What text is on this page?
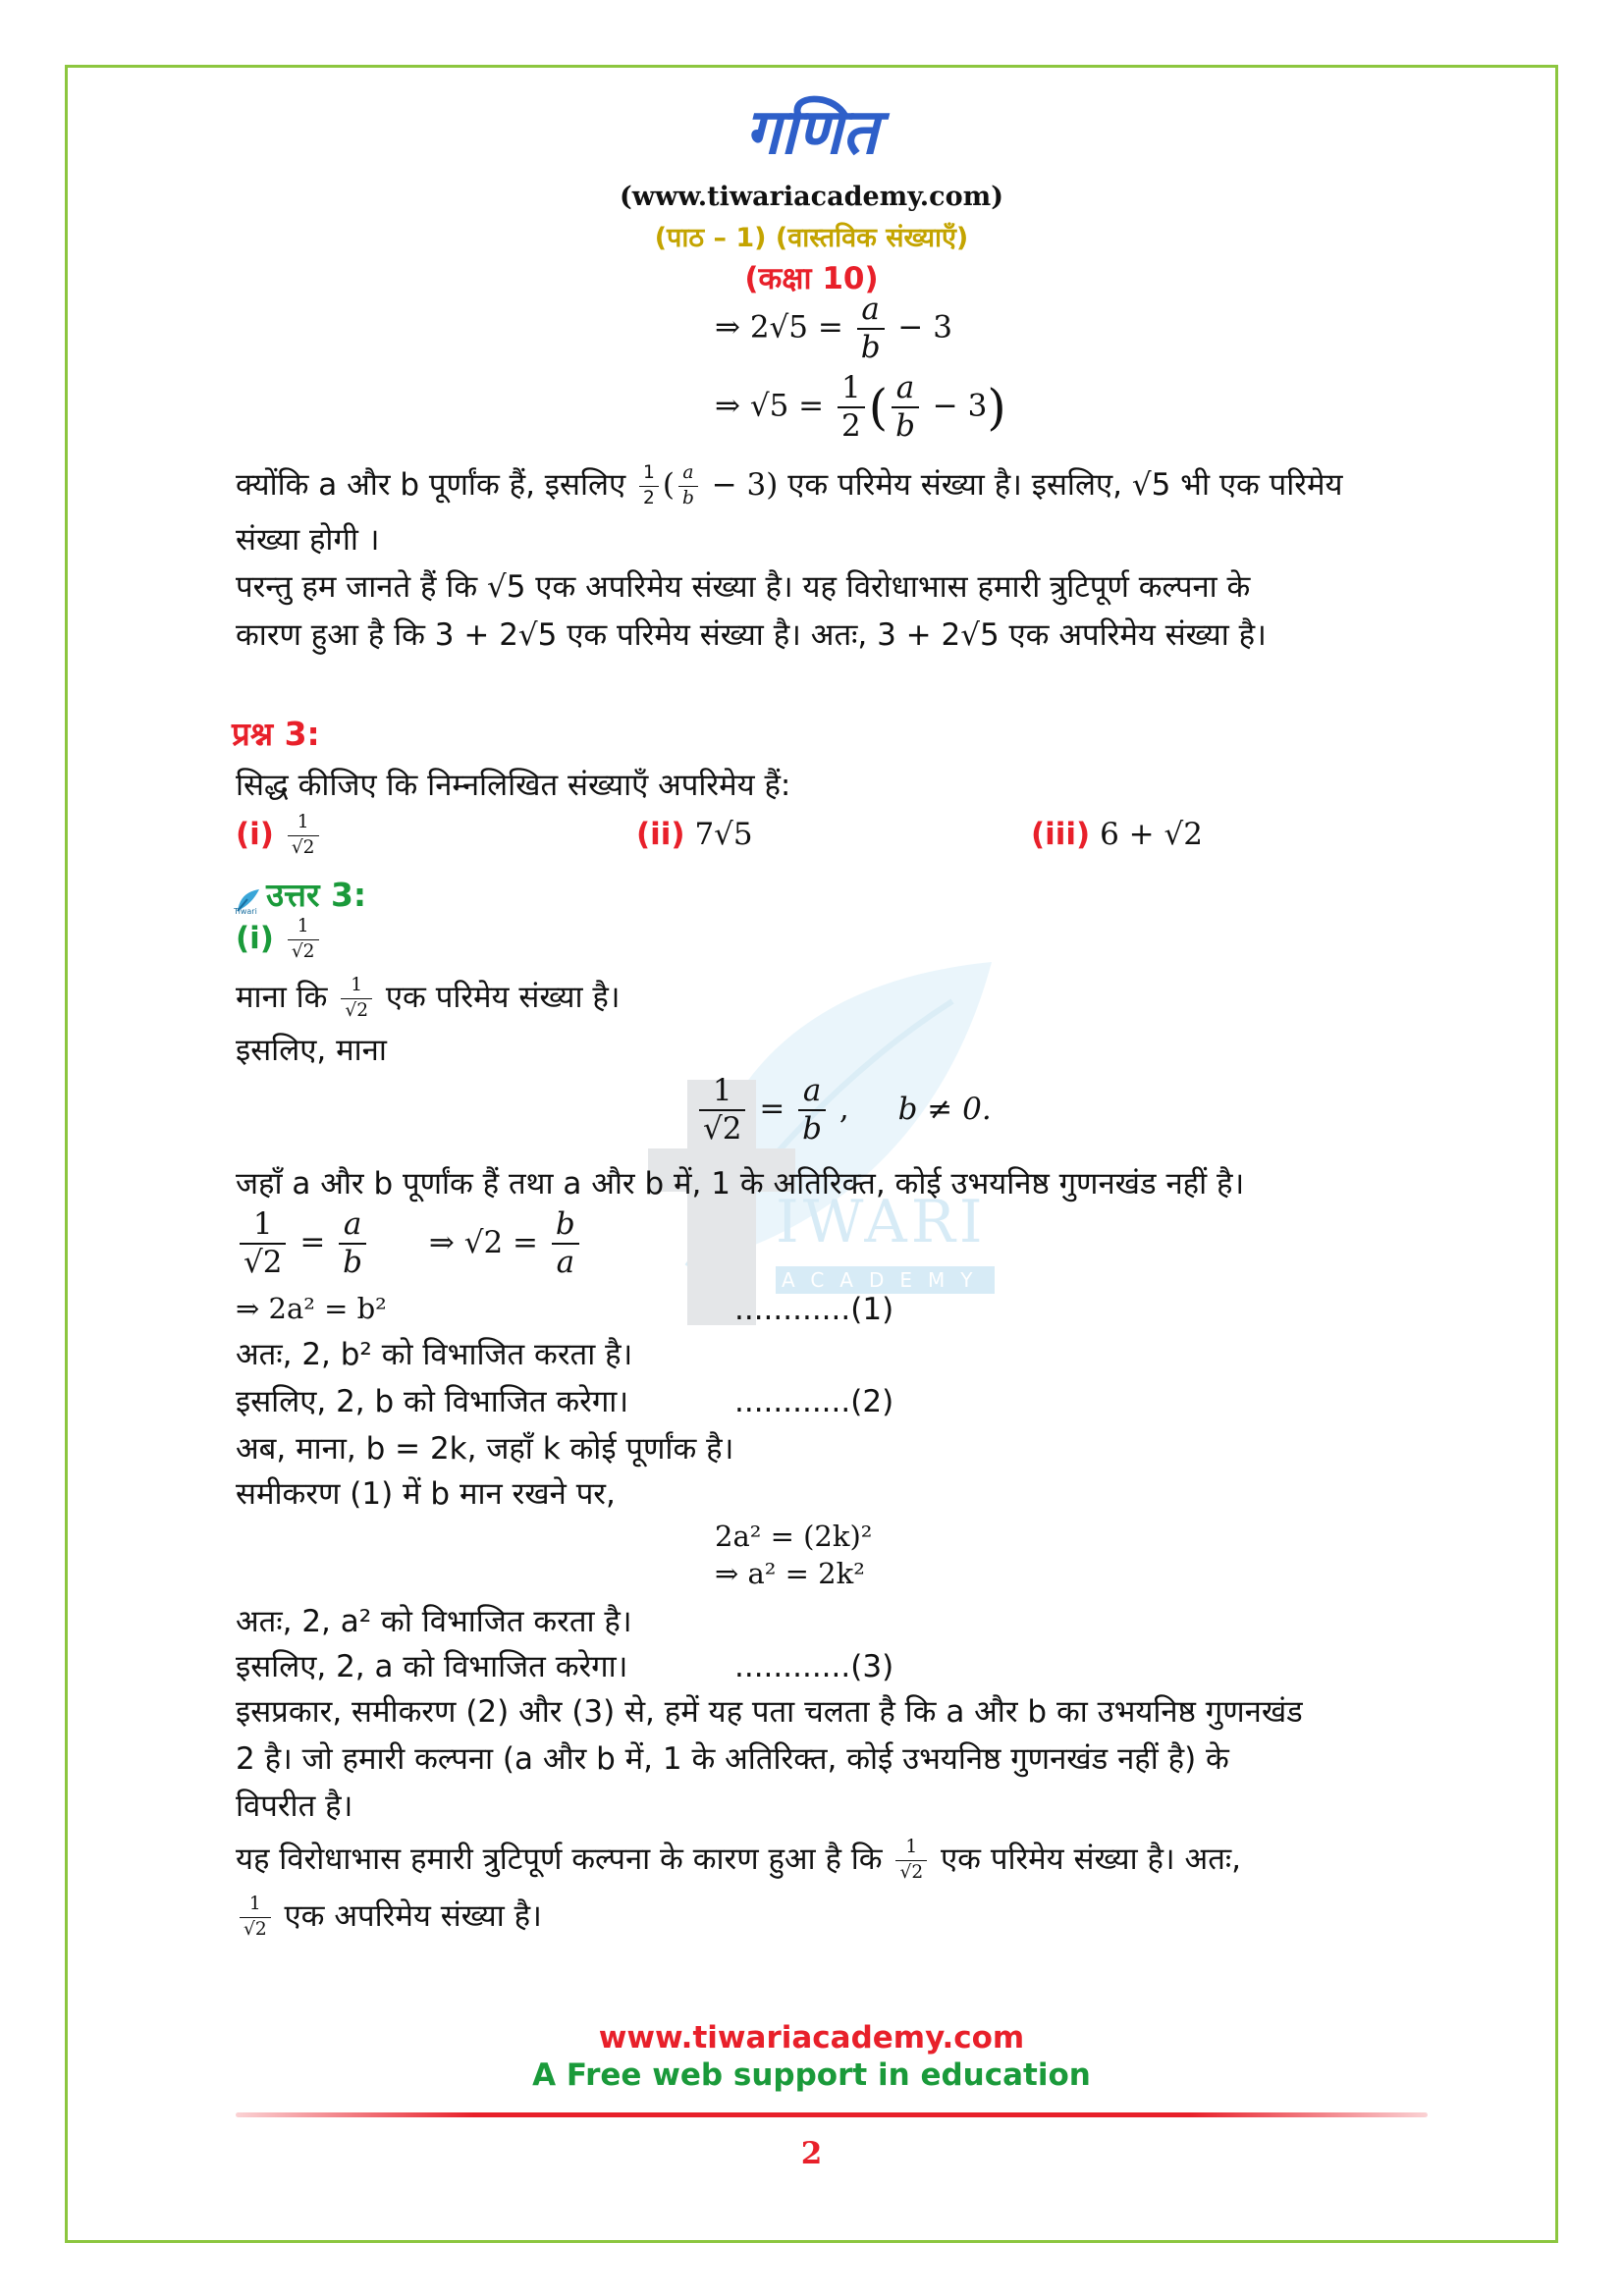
गणित
(www.tiwariacademy.com)
(पाठ – 1) (वास्तविक संख्याएँ)
(कक्षा 10)
⇒ $2√5 = \frac{a}{b} - 3$
⇒ $√5 = \frac{1}{2}$ ( $\frac{a}{b} - 3$)
क्योंकि a और b पूर्णांक हैं, इसलिए $\frac{1}{2}$ ( $\frac{a}{b} - 3$) एक परिमेय संख्या है। इसलिए, √5 भी एक परिमेय
संख्या होगी ।
परन्तु हम जानते हैं कि √5 एक अपरिमेय संख्या है। यह विरोधाभास हमारी त्रुटिपूर्ण कल्पना के
कारण हुआ है कि 3 + 2√5 एक परिमेय संख्या है। अतः, 3 + 2√5 एक अपरिमेय संख्या है।
प्रश्न 3:
सिद्ध कीजिए कि निम्नलिखित संख्याएँ अपरिमेय हैं:
$(i) \frac{1}{√2}$	(ii) 7√5	(iii) 6 + √2
Tiwari उत्तर 3:
$(i) \frac{1}{√2}$
माना कि $\frac{1}{√2}$ एक परिमेय संख्या है।
इसलिए, माना
IWARI
ACADEMY
$\frac{1}{√2} = \frac{a}{b}$ , b ≠ 0.
जहाँ a और b पूर्णांक हैं तथा a और b में, 1 के अतिरिक्त, कोई उभयनिष्ठ गुणनखंड नहीं है।
$\frac{1}{√2} = \frac{a}{b}$ ⇒ $√2 = \frac{b}{a}$
⇒ 2a² = b²	............(1)
अतः, 2, b² को विभाजित करता है।
इसलिए, 2, b को विभाजित करेगा।	............(2)
अब, माना, b = 2k, जहाँ k कोई पूर्णांक है।
समीकरण (1) में b मान रखने पर,
2a² = (2k)²
⇒ a² = 2k²
अतः, 2, a² को विभाजित करता है।
इसलिए, 2, a को विभाजित करेगा।	............(3)
इसप्रकार, समीकरण (2) और (3) से, हमें यह पता चलता है कि a और b का उभयनिष्ठ गुणनखंड
2 है। जो हमारी कल्पना (a और b में, 1 के अतिरिक्त, कोई उभयनिष्ठ गुणनखंड नहीं है) के
विपरीत है।
यह विरोधाभास हमारी त्रुटिपूर्ण कल्पना के कारण हुआ है कि $\frac{1}{√2}$ एक परिमेय संख्या है। अतः,
$\frac{1}{√2}$ एक अपरिमेय संख्या है।
www.tiwariacademy.com
A Free web support in education
2
